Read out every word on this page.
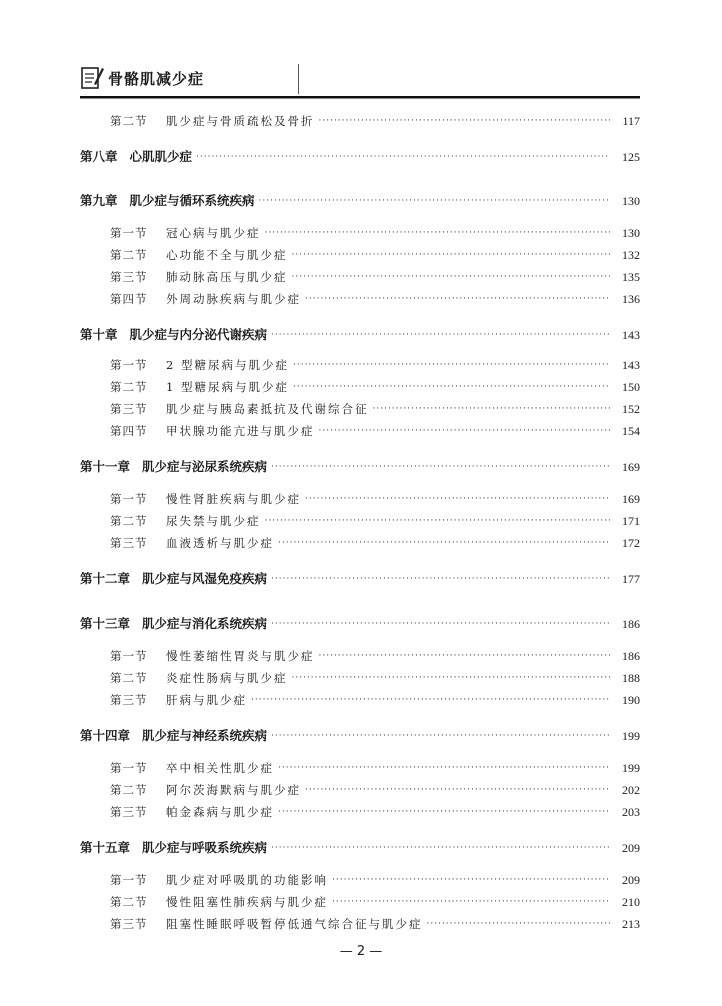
骨骼肌减少症
第二节	肌少症与骨质疏松及骨折 ·····	117
第八章 心肌肌少症 ·····	125
第九章 肌少症与循环系统疾病 ·····	130
第一节	冠心病与肌少症 ·····	130
第二节	心功能不全与肌少症 ·····	132
第三节	肺动脉高压与肌少症 ·····	135
第四节	外周动脉疾病与肌少症 ·····	136
第十章 肌少症与内分泌代谢疾病 ·····	143
第一节	2 型糖尿病与肌少症 ·····	143
第二节	1 型糖尿病与肌少症 ·····	150
第三节	肌少症与胰岛素抵抗及代谢综合征 ·····	152
第四节	甲状腺功能亢进与肌少症 ·····	154
第十一章 肌少症与泌尿系统疾病 ·····	169
第一节	慢性肾脏疾病与肌少症 ·····	169
第二节	尿失禁与肌少症 ·····	171
第三节	血液透析与肌少症 ·····	172
第十二章 肌少症与风湿免疫疾病 ·····	177
第十三章 肌少症与消化系统疾病 ·····	186
第一节	慢性萎缩性胃炎与肌少症 ·····	186
第二节	炎症性肠病与肌少症 ·····	188
第三节	肝病与肌少症 ·····	190
第十四章 肌少症与神经系统疾病 ·····	199
第一节	卒中相关性肌少症 ·····	199
第二节	阿尔茨海默病与肌少症 ·····	202
第三节	帕金森病与肌少症 ·····	203
第十五章 肌少症与呼吸系统疾病 ·····	209
第一节	肌少症对呼吸肌的功能影响 ·····	209
第二节	慢性阻塞性肺疾病与肌少症 ·····	210
第三节	阻塞性睡眠呼吸暂停低通气综合征与肌少症 ·····	213
— 2 —
